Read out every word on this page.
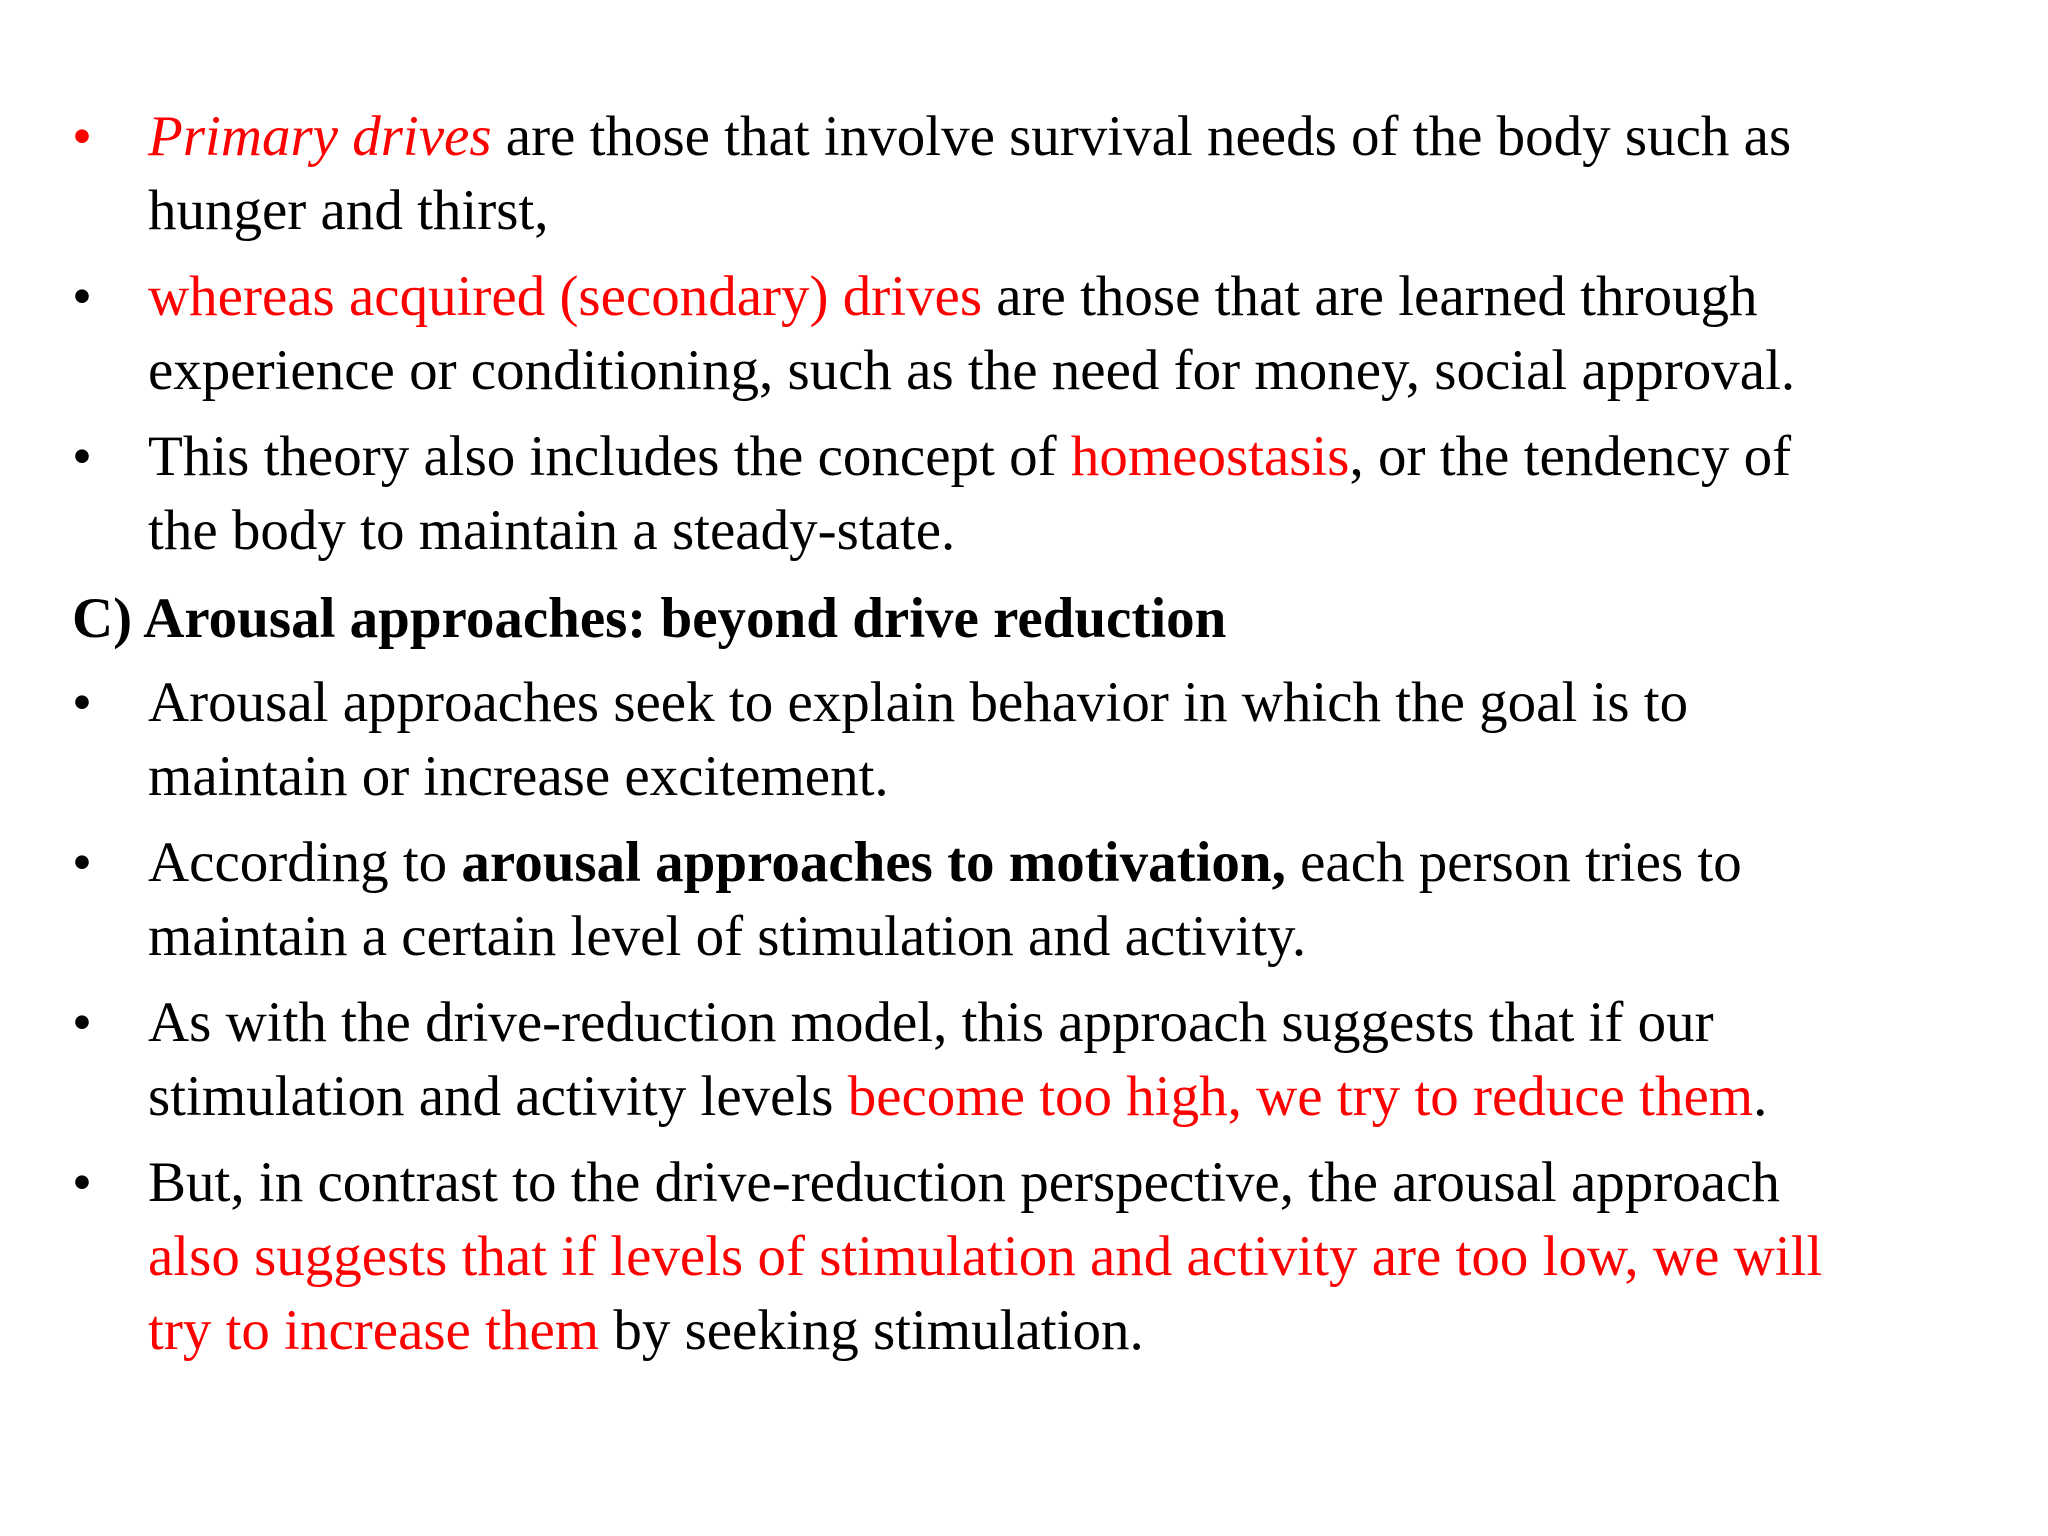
• Primary drives are those that involve survival needs of the body such as
hunger and thirst,
• whereas acquired (secondary) drives are those that are learned through
experience or conditioning, such as the need for money, social approval.
• This theory also includes the concept of homeostasis, or the tendency of
the body to maintain a steady-state.
C) Arousal approaches: beyond drive reduction
• Arousal approaches seek to explain behavior in which the goal is to
maintain or increase excitement.
• According to arousal approaches to motivation, each person tries to
maintain a certain level of stimulation and activity.
• As with the drive-reduction model, this approach suggests that if our
stimulation and activity levels become too high, we try to reduce them.
• But, in contrast to the drive-reduction perspective, the arousal approach
also suggests that if levels of stimulation and activity are too low, we will
try to increase them by seeking stimulation.
